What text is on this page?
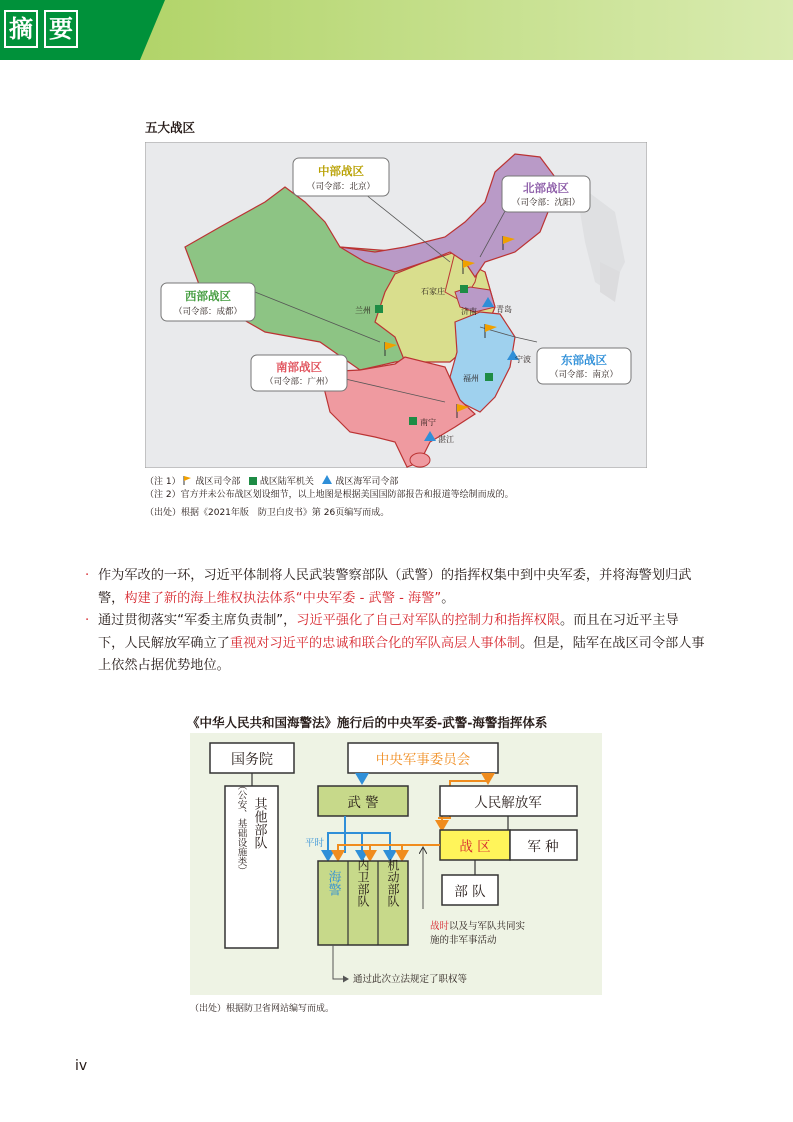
摘 要
五大战区
石家庄
兰州	济南 青岛
宁波
福州
南宁
湛江
中部战区
（司令部：北京）	北部战区
（司令部：沈阳）
西部战区
（司令部：成都）
南部战区
（司令部：广州）
东部战区
（司令部：南京）
（注 1） 战区司令部 战区陆军机关 战区海军司令部
（注 2）官方并未公布战区划设细节，以上地图是根据美国国防部报告和报道等绘制而成的。
（出处）根据《2021年版　防卫白皮书》第 26页编写而成。
· 作为军改的一环，习近平体制将人民武装警察部队（武警）的指挥权集中到中央军委，并将海警划归武警，构建了新的海上维权执法体系“中央军委 - 武警 - 海警”。
· 通过贯彻落实“军委主席负责制”，习近平强化了自己对军队的控制力和指挥权限。而且在习近平主导下，人民解放军确立了重视对习近平的忠诚和联合化的军队高层人事体制。但是，陆军在战区司令部人事上依然占据优势地位。
《中华人民共和国海警法》施行后的中央军委-武警-海警指挥体系
国务院
其他部队
（公安、基础设施类）
中央军事委员会
武 警	人民解放军
战 区	军 种
部 队
平时
海警 内卫部队 机动部队
战时以及与军队共同实
施的非军事活动
通过此次立法规定了职权等
（出处）根据防卫省网站编写而成。
iv
